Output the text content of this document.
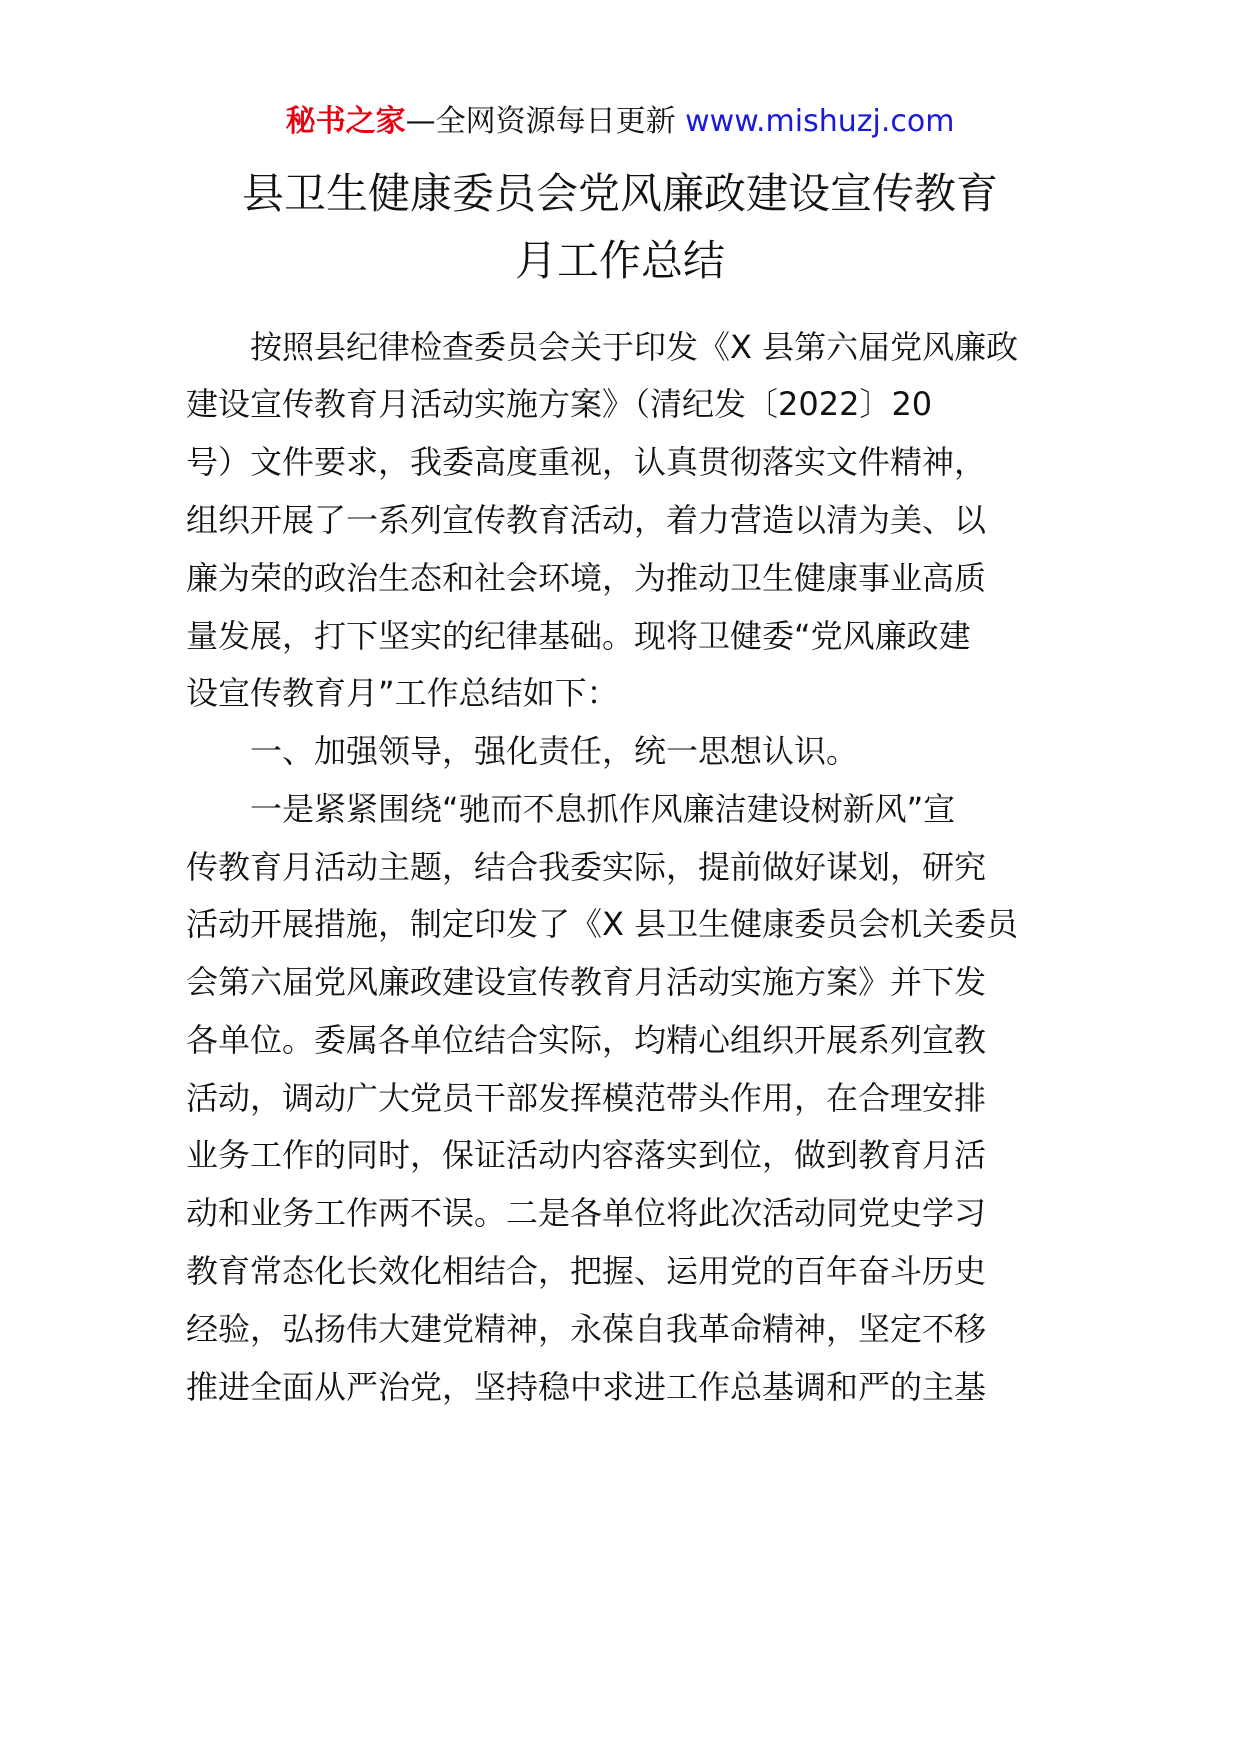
秘书之家—全网资源每日更新 www.mishuzj.com
县卫生健康委员会党风廉政建设宣传教育
月工作总结
　　按照县纪律检查委员会关于印发《X 县第六届党风廉政
建设宣传教育月活动实施方案》（清纪发〔2022〕20
号）文件要求，我委高度重视，认真贯彻落实文件精神，
组织开展了一系列宣传教育活动，着力营造以清为美、以
廉为荣的政治生态和社会环境，为推动卫生健康事业高质
量发展，打下坚实的纪律基础。现将卫健委“党风廉政建
设宣传教育月”工作总结如下：
　　一、加强领导，强化责任，统一思想认识。
　　一是紧紧围绕“驰而不息抓作风廉洁建设树新风”宣
传教育月活动主题，结合我委实际，提前做好谋划，研究
活动开展措施，制定印发了《X 县卫生健康委员会机关委员
会第六届党风廉政建设宣传教育月活动实施方案》并下发
各单位。委属各单位结合实际，均精心组织开展系列宣教
活动，调动广大党员干部发挥模范带头作用，在合理安排
业务工作的同时，保证活动内容落实到位，做到教育月活
动和业务工作两不误。二是各单位将此次活动同党史学习
教育常态化长效化相结合，把握、运用党的百年奋斗历史
经验，弘扬伟大建党精神，永葆自我革命精神，坚定不移
推进全面从严治党，坚持稳中求进工作总基调和严的主基
